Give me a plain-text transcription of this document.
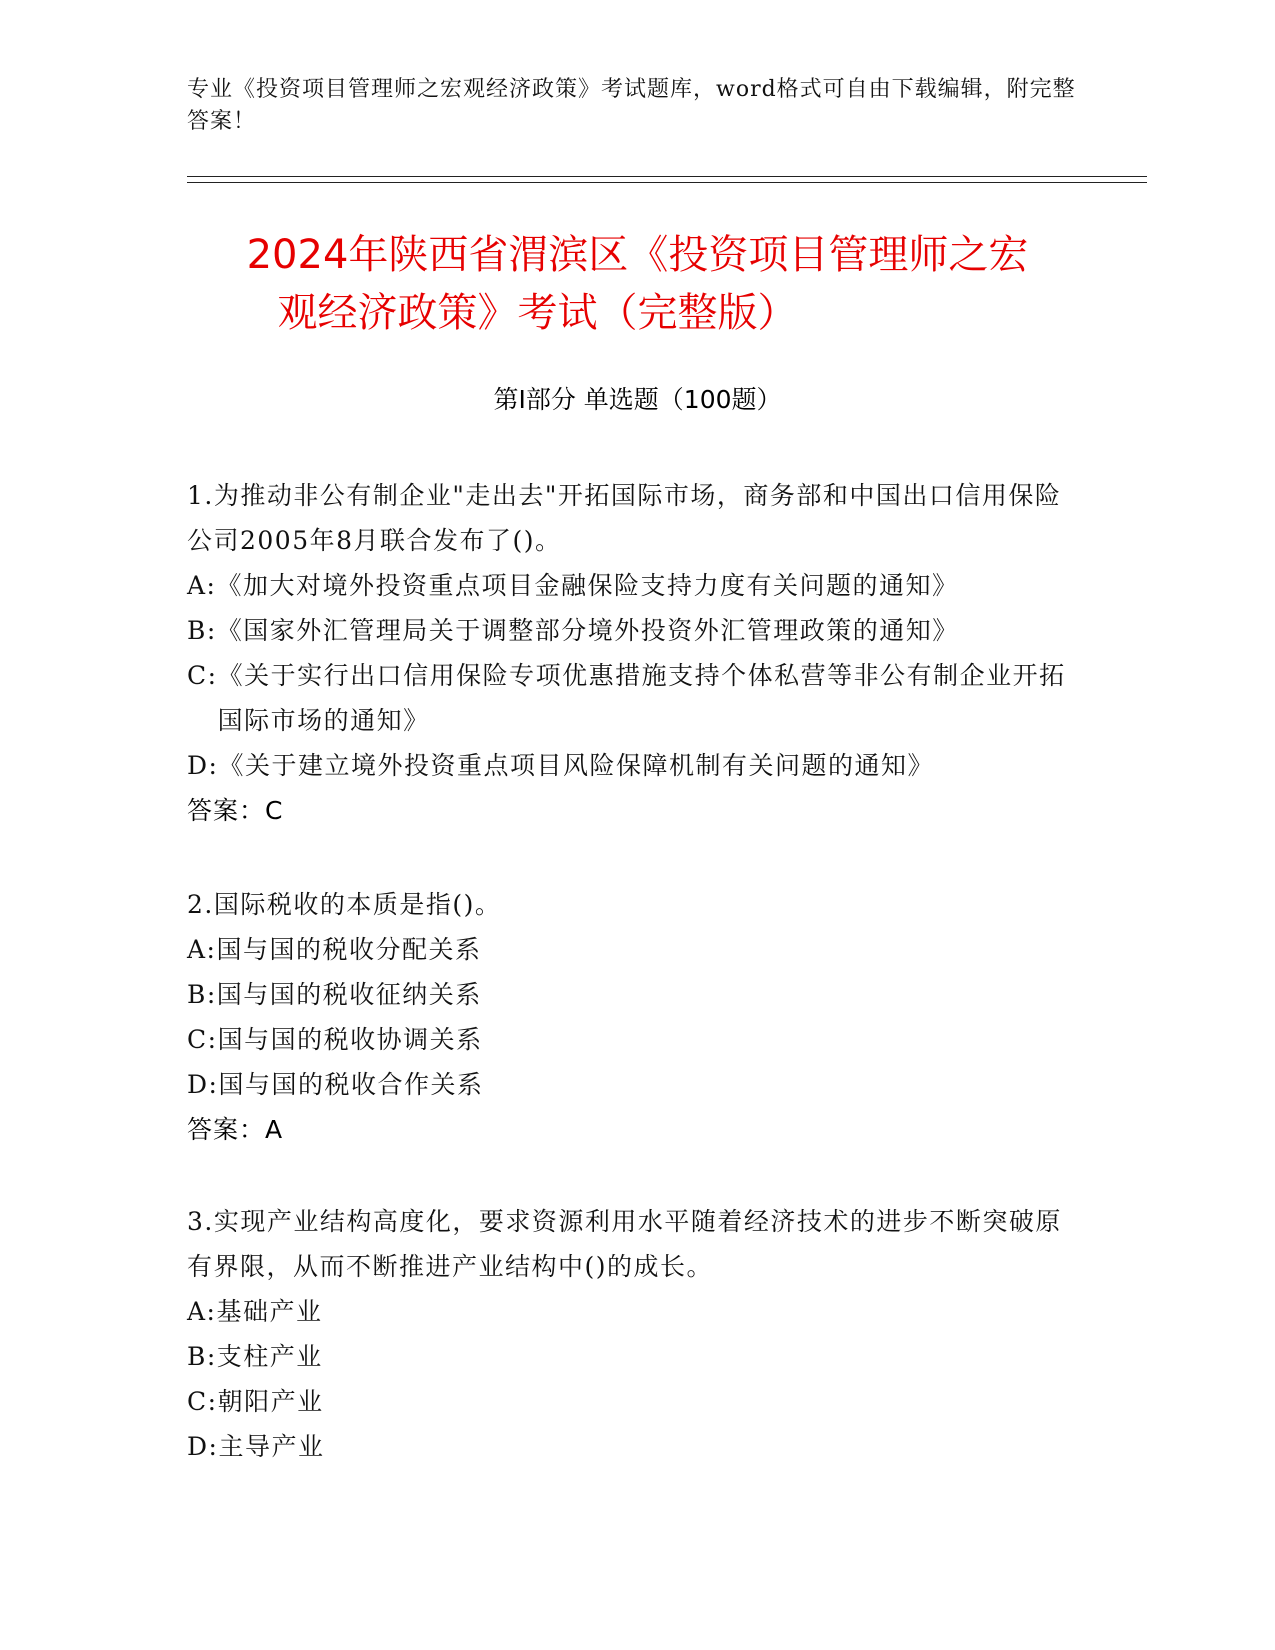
专业《投资项目管理师之宏观经济政策》考试题库，word格式可自由下载编辑，附完整答案！
2024年陕西省渭滨区《投资项目管理师之宏
观经济政策》考试（完整版）
第I部分 单选题（100题）

1.为推动非公有制企业"走出去"开拓国际市场，商务部和中国出口信用保险公司2005年8月联合发布了()。

A: 《加大对境外投资重点项目金融保险支持力度有关问题的通知》

B: 《国家外汇管理局关于调整部分境外投资外汇管理政策的通知》

C: 《关于实行出口信用保险专项优惠措施支持个体私营等非公有制企业开拓国际市场的通知》

D: 《关于建立境外投资重点项目风险保障机制有关问题的通知》

答案：C

2.国际税收的本质是指()。

A: 国与国的税收分配关系

B: 国与国的税收征纳关系

C: 国与国的税收协调关系

D: 国与国的税收合作关系

答案：A

3.实现产业结构高度化，要求资源利用水平随着经济技术的进步不断突破原有界限，从而不断推进产业结构中()的成长。

A: 基础产业

B: 支柱产业

C: 朝阳产业

D: 主导产业
